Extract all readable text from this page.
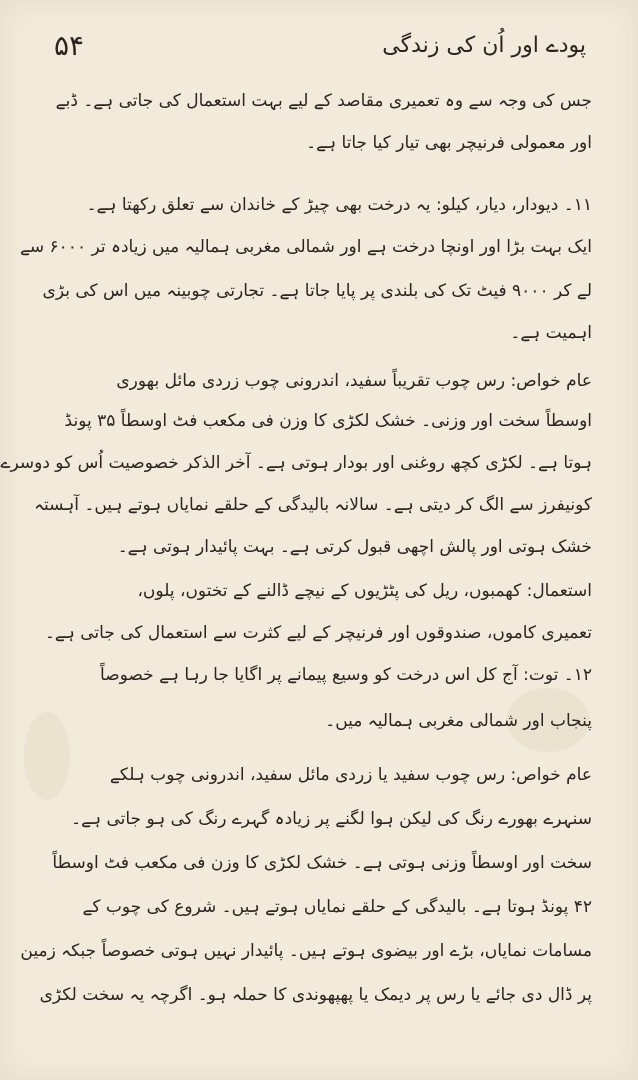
۵۴	پودے اور اُن کی زندگی
جس کی وجہ سے وہ تعمیری مقاصد کے لیے بہت استعمال کی جاتی ہے۔ ڈبے
اور معمولی فرنیچر بھی تیار کیا جاتا ہے۔
۱۱۔ دیودار، دیار، کیلو: یہ درخت بھی چیڑ کے خاندان سے تعلق رکھتا ہے۔
ایک بہت بڑا اور اونچا درخت ہے اور شمالی مغربی ہمالیہ میں زیادہ تر ۶۰۰۰ سے
لے کر ۹۰۰۰ فیٹ تک کی بلندی پر پایا جاتا ہے۔ تجارتی چوبینہ میں اس کی بڑی
اہمیت ہے۔
عام خواص: رس چوب تقریباً سفید، اندرونی چوب زردی مائل بھوری
اوسطاً سخت اور وزنی۔ خشک لکڑی کا وزن فی مکعب فٹ اوسطاً ۳۵ پونڈ
ہوتا ہے۔ لکڑی کچھ روغنی اور بودار ہوتی ہے۔ آخر الذکر خصوصیت اُس کو دوسرے
کونیفرز سے الگ کر دیتی ہے۔ سالانہ بالیدگی کے حلقے نمایاں ہوتے ہیں۔ آہستہ
خشک ہوتی اور پالش اچھی قبول کرتی ہے۔ بہت پائیدار ہوتی ہے۔
استعمال: کھمبوں، ریل کی پٹڑیوں کے نیچے ڈالنے کے تختوں، پلوں،
تعمیری کاموں، صندوقوں اور فرنیچر کے لیے کثرت سے استعمال کی جاتی ہے۔
۱۲۔ توت: آج کل اس درخت کو وسیع پیمانے پر اگایا جا رہا ہے خصوصاً
پنجاب اور شمالی مغربی ہمالیہ میں۔
عام خواص: رس چوب سفید یا زردی مائل سفید، اندرونی چوب ہلکے
سنہرے بھورے رنگ کی لیکن ہوا لگنے پر زیادہ گہرے رنگ کی ہو جاتی ہے۔
سخت اور اوسطاً وزنی ہوتی ہے۔ خشک لکڑی کا وزن فی مکعب فٹ اوسطاً
۴۲ پونڈ ہوتا ہے۔ بالیدگی کے حلقے نمایاں ہوتے ہیں۔ شروع کی چوب کے
مسامات نمایاں، بڑے اور بیضوی ہوتے ہیں۔ پائیدار نہیں ہوتی خصوصاً جبکہ زمین
پر ڈال دی جائے یا رس پر دیمک یا پھپھوندی کا حملہ ہو۔ اگرچہ یہ سخت لکڑی
